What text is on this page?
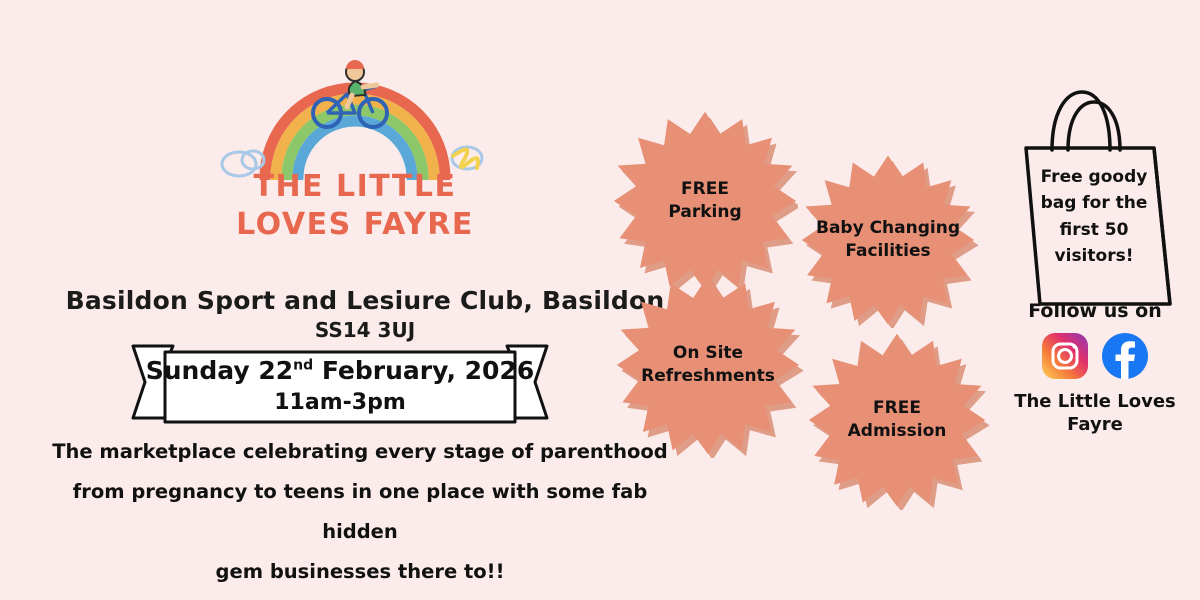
THE LITTLE
LOVES FAYRE
Basildon Sport and Lesiure Club, Basildon
SS14 3UJ
Sunday 22nd February, 2026
11am-3pm
The marketplace celebrating every stage of parenthood
from pregnancy to teens in one place with some fab hidden
gem businesses there to!!
FREE
Parking
Baby Changing
Facilities
On Site
Refreshments
FREE
Admission
Free goody
bag for the
first 50
visitors!
Follow us on
The Little Loves
Fayre
